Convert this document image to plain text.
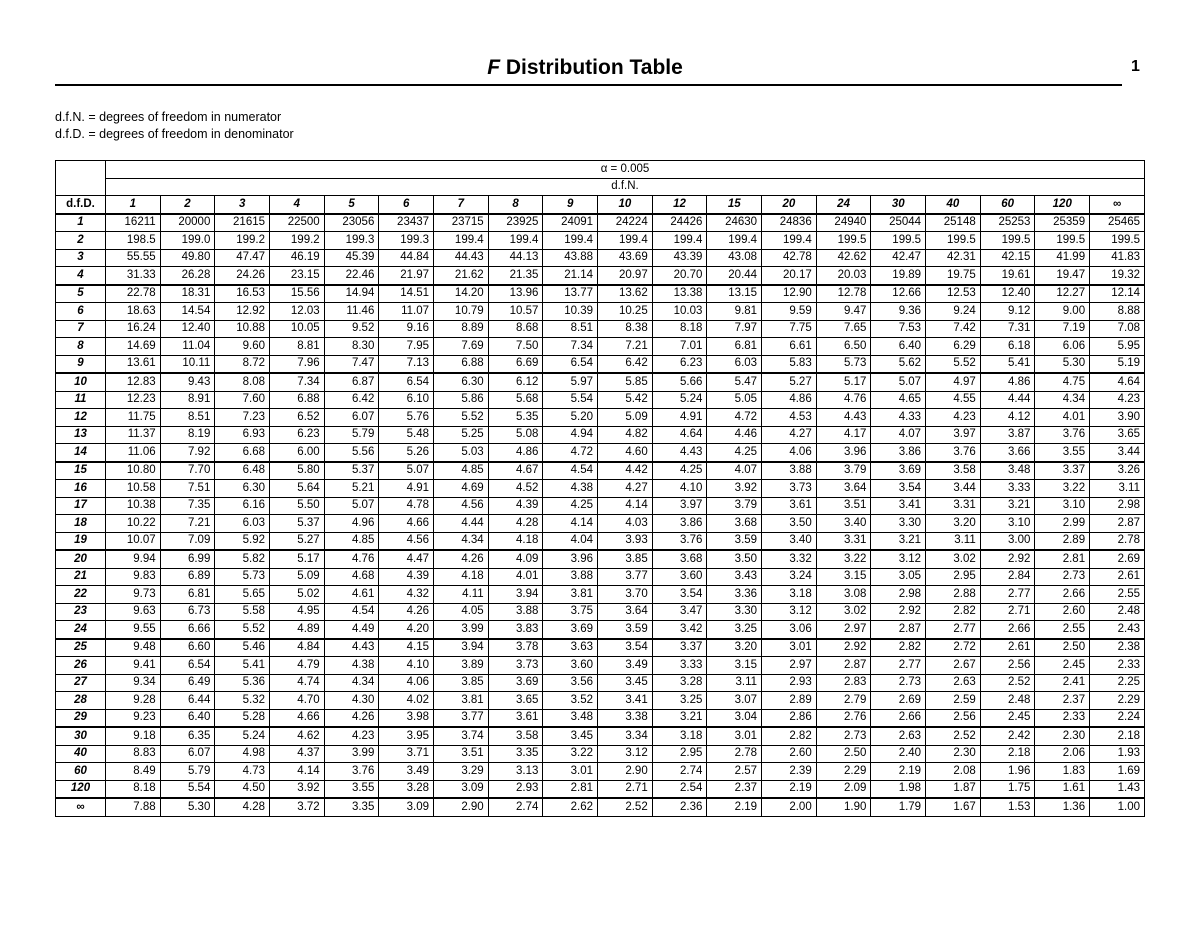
F Distribution Table	1
d.f.N. = degrees of freedom in numerator
d.f.D. = degrees of freedom in denominator
	α = 0.005																		
	d.f.N.																		
d.f.D.	1	2	3	4	5	6	7	8	9	10	12	15	20	24	30	40	60	120	∞
1	16211	20000	21615	22500	23056	23437	23715	23925	24091	24224	24426	24630	24836	24940	25044	25148	25253	25359	25465
2	198.5	199.0	199.2	199.2	199.3	199.3	199.4	199.4	199.4	199.4	199.4	199.4	199.4	199.5	199.5	199.5	199.5	199.5	199.5
3	55.55	49.80	47.47	46.19	45.39	44.84	44.43	44.13	43.88	43.69	43.39	43.08	42.78	42.62	42.47	42.31	42.15	41.99	41.83
4	31.33	26.28	24.26	23.15	22.46	21.97	21.62	21.35	21.14	20.97	20.70	20.44	20.17	20.03	19.89	19.75	19.61	19.47	19.32
5	22.78	18.31	16.53	15.56	14.94	14.51	14.20	13.96	13.77	13.62	13.38	13.15	12.90	12.78	12.66	12.53	12.40	12.27	12.14
6	18.63	14.54	12.92	12.03	11.46	11.07	10.79	10.57	10.39	10.25	10.03	9.81	9.59	9.47	9.36	9.24	9.12	9.00	8.88
7	16.24	12.40	10.88	10.05	9.52	9.16	8.89	8.68	8.51	8.38	8.18	7.97	7.75	7.65	7.53	7.42	7.31	7.19	7.08
8	14.69	11.04	9.60	8.81	8.30	7.95	7.69	7.50	7.34	7.21	7.01	6.81	6.61	6.50	6.40	6.29	6.18	6.06	5.95
9	13.61	10.11	8.72	7.96	7.47	7.13	6.88	6.69	6.54	6.42	6.23	6.03	5.83	5.73	5.62	5.52	5.41	5.30	5.19
10	12.83	9.43	8.08	7.34	6.87	6.54	6.30	6.12	5.97	5.85	5.66	5.47	5.27	5.17	5.07	4.97	4.86	4.75	4.64
11	12.23	8.91	7.60	6.88	6.42	6.10	5.86	5.68	5.54	5.42	5.24	5.05	4.86	4.76	4.65	4.55	4.44	4.34	4.23
12	11.75	8.51	7.23	6.52	6.07	5.76	5.52	5.35	5.20	5.09	4.91	4.72	4.53	4.43	4.33	4.23	4.12	4.01	3.90
13	11.37	8.19	6.93	6.23	5.79	5.48	5.25	5.08	4.94	4.82	4.64	4.46	4.27	4.17	4.07	3.97	3.87	3.76	3.65
14	11.06	7.92	6.68	6.00	5.56	5.26	5.03	4.86	4.72	4.60	4.43	4.25	4.06	3.96	3.86	3.76	3.66	3.55	3.44
15	10.80	7.70	6.48	5.80	5.37	5.07	4.85	4.67	4.54	4.42	4.25	4.07	3.88	3.79	3.69	3.58	3.48	3.37	3.26
16	10.58	7.51	6.30	5.64	5.21	4.91	4.69	4.52	4.38	4.27	4.10	3.92	3.73	3.64	3.54	3.44	3.33	3.22	3.11
17	10.38	7.35	6.16	5.50	5.07	4.78	4.56	4.39	4.25	4.14	3.97	3.79	3.61	3.51	3.41	3.31	3.21	3.10	2.98
18	10.22	7.21	6.03	5.37	4.96	4.66	4.44	4.28	4.14	4.03	3.86	3.68	3.50	3.40	3.30	3.20	3.10	2.99	2.87
19	10.07	7.09	5.92	5.27	4.85	4.56	4.34	4.18	4.04	3.93	3.76	3.59	3.40	3.31	3.21	3.11	3.00	2.89	2.78
20	9.94	6.99	5.82	5.17	4.76	4.47	4.26	4.09	3.96	3.85	3.68	3.50	3.32	3.22	3.12	3.02	2.92	2.81	2.69
21	9.83	6.89	5.73	5.09	4.68	4.39	4.18	4.01	3.88	3.77	3.60	3.43	3.24	3.15	3.05	2.95	2.84	2.73	2.61
22	9.73	6.81	5.65	5.02	4.61	4.32	4.11	3.94	3.81	3.70	3.54	3.36	3.18	3.08	2.98	2.88	2.77	2.66	2.55
23	9.63	6.73	5.58	4.95	4.54	4.26	4.05	3.88	3.75	3.64	3.47	3.30	3.12	3.02	2.92	2.82	2.71	2.60	2.48
24	9.55	6.66	5.52	4.89	4.49	4.20	3.99	3.83	3.69	3.59	3.42	3.25	3.06	2.97	2.87	2.77	2.66	2.55	2.43
25	9.48	6.60	5.46	4.84	4.43	4.15	3.94	3.78	3.63	3.54	3.37	3.20	3.01	2.92	2.82	2.72	2.61	2.50	2.38
26	9.41	6.54	5.41	4.79	4.38	4.10	3.89	3.73	3.60	3.49	3.33	3.15	2.97	2.87	2.77	2.67	2.56	2.45	2.33
27	9.34	6.49	5.36	4.74	4.34	4.06	3.85	3.69	3.56	3.45	3.28	3.11	2.93	2.83	2.73	2.63	2.52	2.41	2.25
28	9.28	6.44	5.32	4.70	4.30	4.02	3.81	3.65	3.52	3.41	3.25	3.07	2.89	2.79	2.69	2.59	2.48	2.37	2.29
29	9.23	6.40	5.28	4.66	4.26	3.98	3.77	3.61	3.48	3.38	3.21	3.04	2.86	2.76	2.66	2.56	2.45	2.33	2.24
30	9.18	6.35	5.24	4.62	4.23	3.95	3.74	3.58	3.45	3.34	3.18	3.01	2.82	2.73	2.63	2.52	2.42	2.30	2.18
40	8.83	6.07	4.98	4.37	3.99	3.71	3.51	3.35	3.22	3.12	2.95	2.78	2.60	2.50	2.40	2.30	2.18	2.06	1.93
60	8.49	5.79	4.73	4.14	3.76	3.49	3.29	3.13	3.01	2.90	2.74	2.57	2.39	2.29	2.19	2.08	1.96	1.83	1.69
120	8.18	5.54	4.50	3.92	3.55	3.28	3.09	2.93	2.81	2.71	2.54	2.37	2.19	2.09	1.98	1.87	1.75	1.61	1.43
∞	7.88	5.30	4.28	3.72	3.35	3.09	2.90	2.74	2.62	2.52	2.36	2.19	2.00	1.90	1.79	1.67	1.53	1.36	1.00
